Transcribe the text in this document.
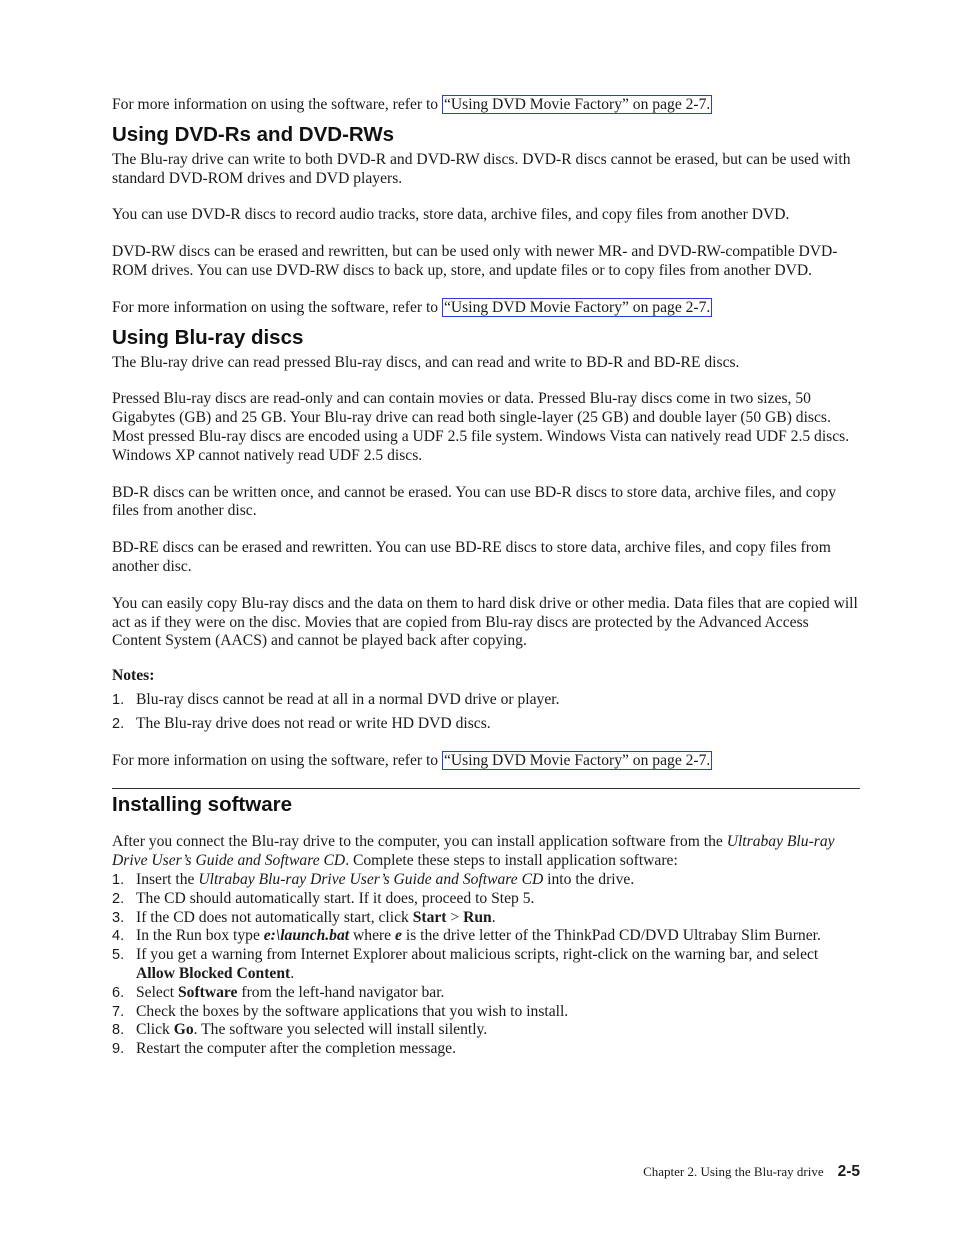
For more information on using the software, refer to “Using DVD Movie Factory” on page 2-7.

Using DVD-Rs and DVD-RWs

The Blu-ray drive can write to both DVD-R and DVD-RW discs. DVD-R discs cannot be erased, but can be used with standard DVD-ROM drives and DVD players.

You can use DVD-R discs to record audio tracks, store data, archive files, and copy files from another DVD.

DVD-RW discs can be erased and rewritten, but can be used only with newer MR- and DVD-RW-compatible DVD-ROM drives. You can use DVD-RW discs to back up, store, and update files or to copy files from another DVD.

For more information on using the software, refer to “Using DVD Movie Factory” on page 2-7.

Using Blu-ray discs

The Blu-ray drive can read pressed Blu-ray discs, and can read and write to BD-R and BD-RE discs.

Pressed Blu-ray discs are read-only and can contain movies or data. Pressed Blu-ray discs come in two sizes, 50 Gigabytes (GB) and 25 GB. Your Blu-ray drive can read both single-layer (25 GB) and double layer (50 GB) discs. Most pressed Blu-ray discs are encoded using a UDF 2.5 file system. Windows Vista can natively read UDF 2.5 discs. Windows XP cannot natively read UDF 2.5 discs.

BD-R discs can be written once, and cannot be erased. You can use BD-R discs to store data, archive files, and copy files from another disc.

BD-RE discs can be erased and rewritten. You can use BD-RE discs to store data, archive files, and copy files from another disc.

You can easily copy Blu-ray discs and the data on them to hard disk drive or other media. Data files that are copied will act as if they were on the disc. Movies that are copied from Blu-ray discs are protected by the Advanced Access Content System (AACS) and cannot be played back after copying.

Notes:

1. Blu-ray discs cannot be read at all in a normal DVD drive or player.
2. The Blu-ray drive does not read or write HD DVD discs.

For more information on using the software, refer to “Using DVD Movie Factory” on page 2-7.

Installing software

After you connect the Blu-ray drive to the computer, you can install application software from the Ultrabay Blu-ray Drive User’s Guide and Software CD. Complete these steps to install application software:

1. Insert the Ultrabay Blu-ray Drive User’s Guide and Software CD into the drive.
2. The CD should automatically start. If it does, proceed to Step 5.
3. If the CD does not automatically start, click Start > Run.
4. In the Run box type e:\launch.bat where e is the drive letter of the ThinkPad CD/DVD Ultrabay Slim Burner.
5. If you get a warning from Internet Explorer about malicious scripts, right-click on the warning bar, and select Allow Blocked Content.
6. Select Software from the left-hand navigator bar.
7. Check the boxes by the software applications that you wish to install.
8. Click Go. The software you selected will install silently.
9. Restart the computer after the completion message.
Chapter 2. Using the Blu-ray drive 2-5
